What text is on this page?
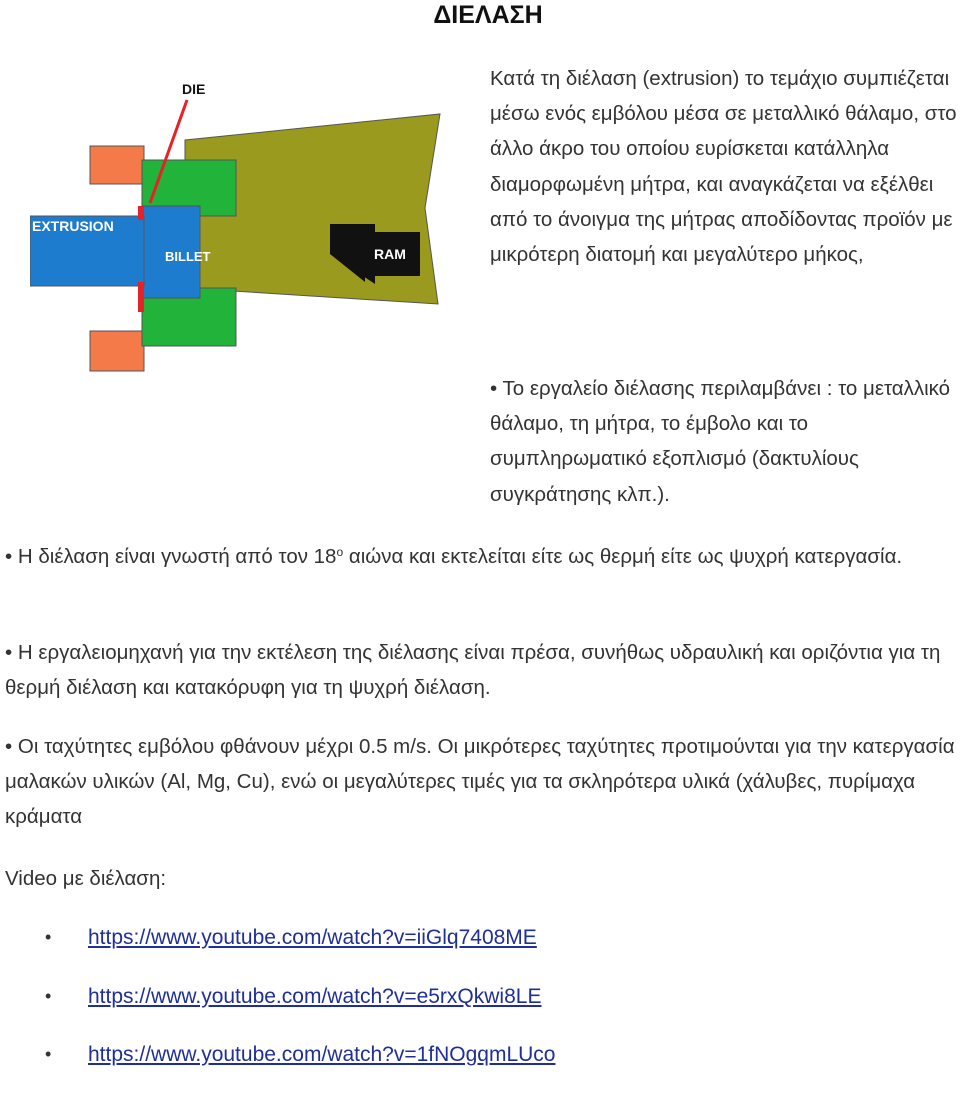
ΔΙΕΛΑΣΗ
DIE
EXTRUSION
BILLET	RAM
Κατά τη διέλαση (extrusion) το τεμάχιο συμπιέζεται μέσω ενός εμβόλου μέσα σε μεταλλικό θάλαμο, στο άλλο άκρο του οποίου ευρίσκεται κατάλληλα διαμορφωμένη μήτρα, και αναγκάζεται να εξέλθει από το άνοιγμα της μήτρας αποδίδοντας προϊόν με μικρότερη διατομή και μεγαλύτερο μήκος,
• Το εργαλείο διέλασης περιλαμβάνει : το μεταλλικό θάλαμο, τη μήτρα, το έμβολο και το συμπληρωματικό εξοπλισμό (δακτυλίους συγκράτησης κλπ.).
• Η διέλαση είναι γνωστή από τον $18^o$ αιώνα και εκτελείται είτε ως θερμή είτε ως ψυχρή κατεργασία.
• Η εργαλειομηχανή για την εκτέλεση της διέλασης είναι πρέσα, συνήθως υδραυλική και οριζόντια για τη θερμή διέλαση και κατακόρυφη για τη ψυχρή διέλαση.
• Οι ταχύτητες εμβόλου φθάνουν μέχρι 0.5 m/s. Οι μικρότερες ταχύτητες προτιμούνται για την κατεργασία μαλακών υλικών (Al, Mg, Cu), ενώ οι μεγαλύτερες τιμές για τα σκληρότερα υλικά (χάλυβες, πυρίμαχα κράματα
Video με διέλαση:
• https://www.youtube.com/watch?v=iiGlq7408ME
• https://www.youtube.com/watch?v=e5rxQkwi8LE
• https://www.youtube.com/watch?v=1fNOgqmLUco
